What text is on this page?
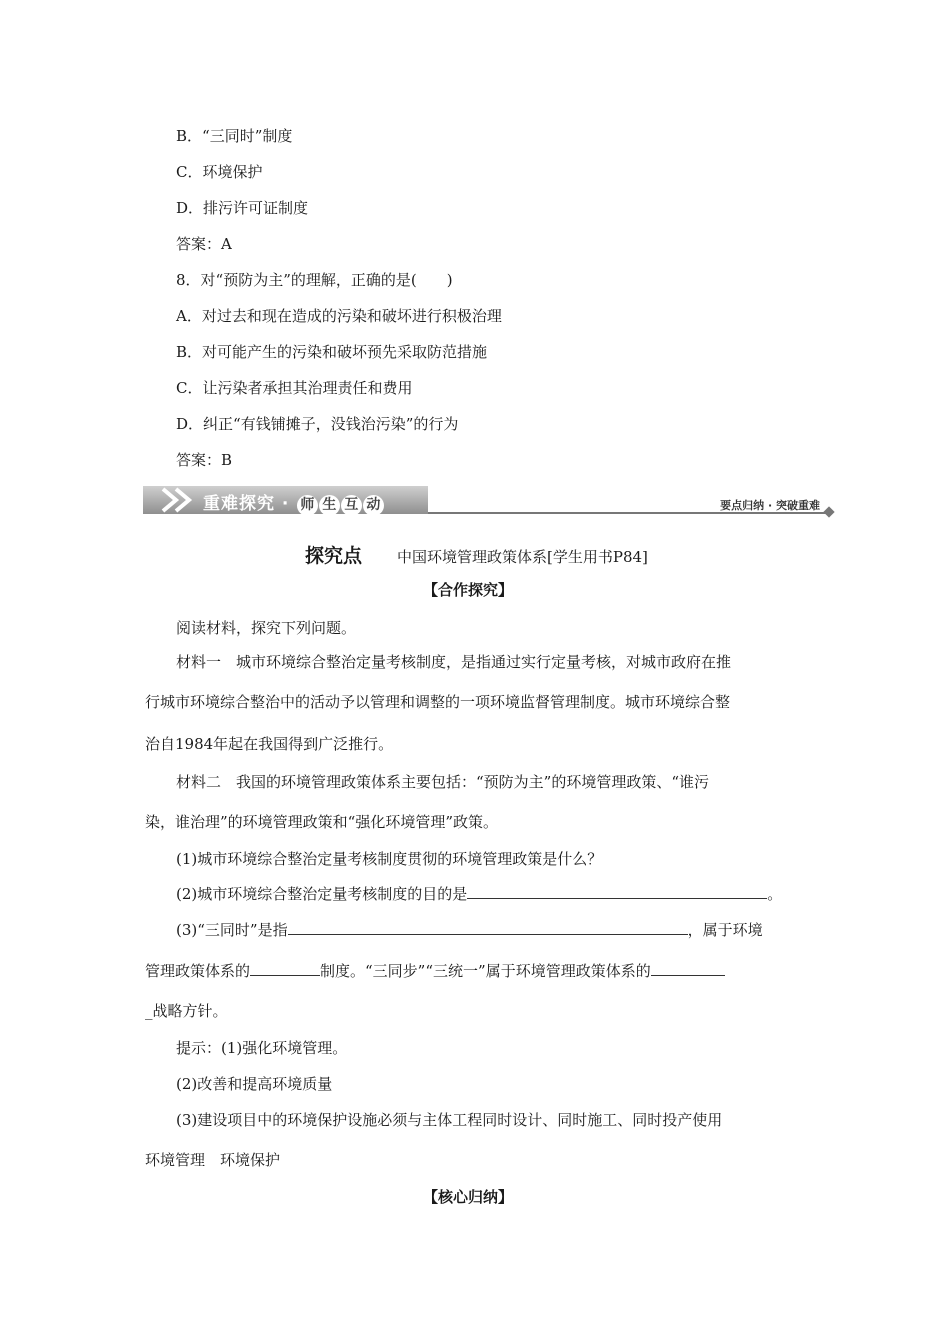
B．“三同时”制度
C．环境保护
D．排污许可证制度
答案：A
8．对“预防为主”的理解，正确的是(　　)
A．对过去和现在造成的污染和破坏进行积极治理
B．对可能产生的污染和破坏预先采取防范措施
C．让污染者承担其治理责任和费用
D．纠正“有钱铺摊子，没钱治污染”的行为
答案：B
重难探究 · 师 生 互 动	要点归纳 · 突破重难
探究点 中国环境管理政策体系[学生用书P84]
【合作探究】
阅读材料，探究下列问题。
材料一　城市环境综合整治定量考核制度，是指通过实行定量考核，对城市政府在推
行城市环境综合整治中的活动予以管理和调整的一项环境监督管理制度。城市环境综合整
治自1984年起在我国得到广泛推行。
材料二　我国的环境管理政策体系主要包括：“预防为主”的环境管理政策、“谁污
染，谁治理”的环境管理政策和“强化环境管理”政策。
(1)城市环境综合整治定量考核制度贯彻的环境管理政策是什么？
(2)城市环境综合整治定量考核制度的目的是	。
(3)“三同时”是指	，属于环境
管理政策体系的	制度。“三同步”“三统一”属于环境管理政策体系的
_战略方针。
提示：(1)强化环境管理。
(2)改善和提高环境质量
(3)建设项目中的环境保护设施必须与主体工程同时设计、同时施工、同时投产使用
环境管理　环境保护
【核心归纳】
